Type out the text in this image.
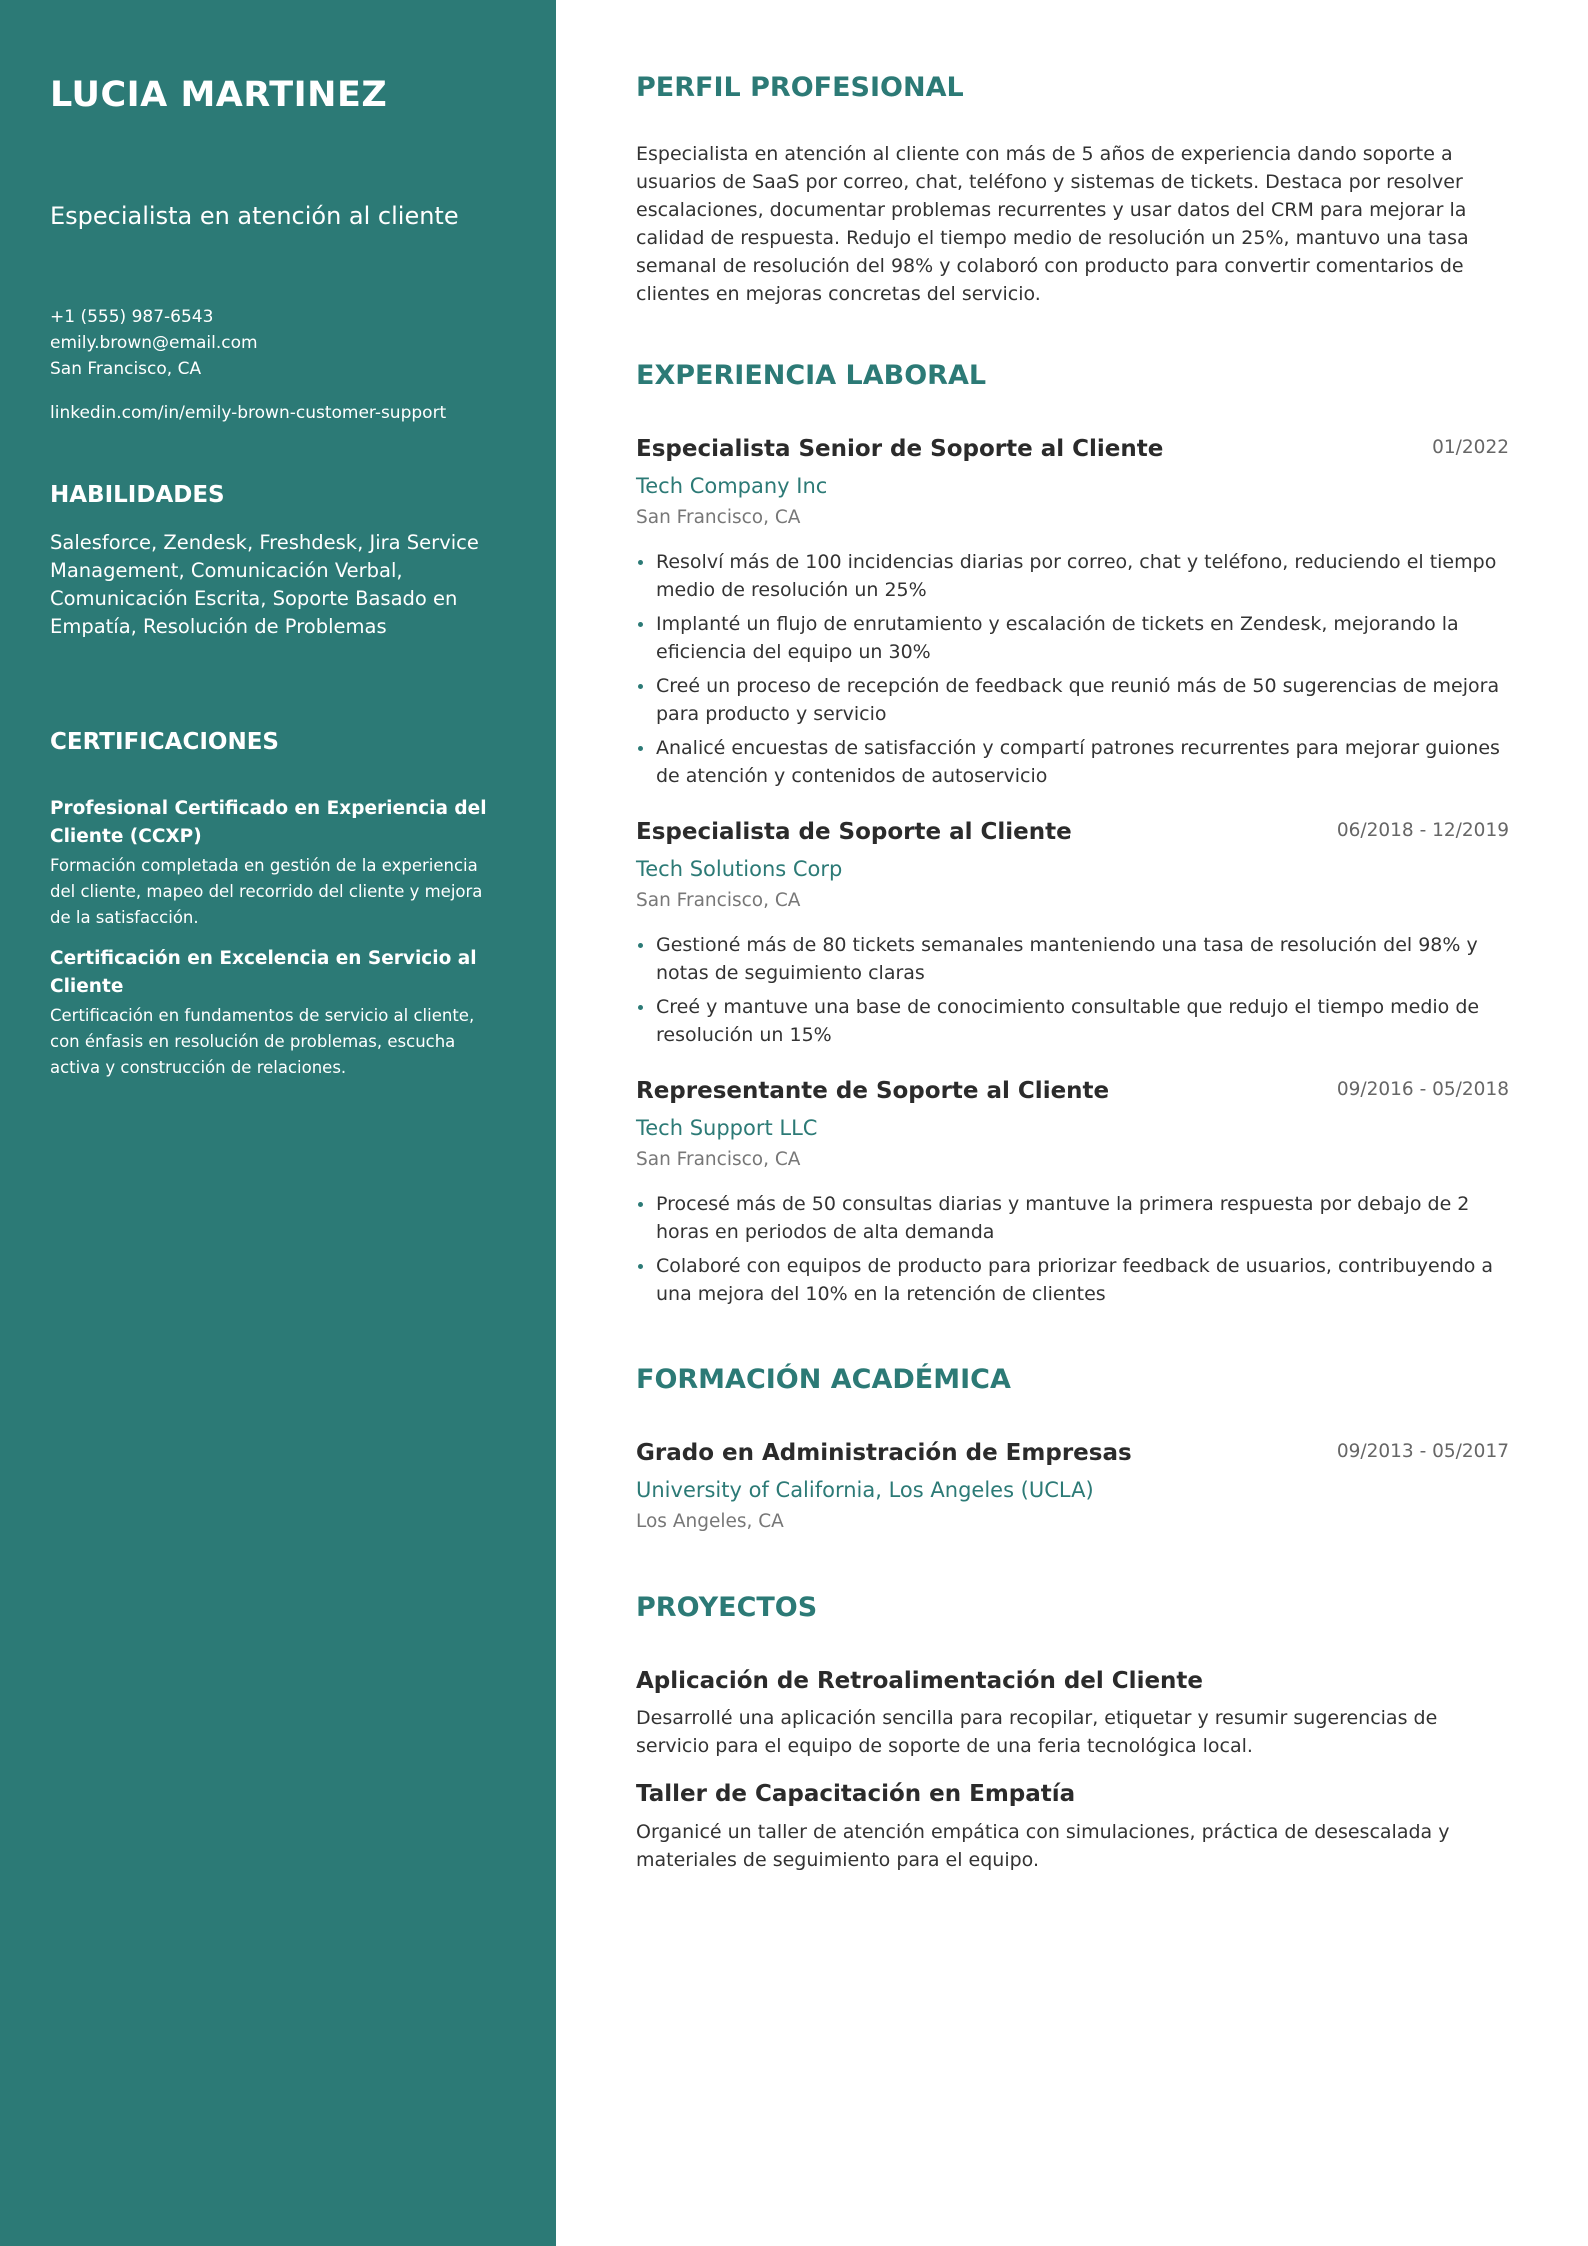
LUCIA MARTINEZ
Especialista en atención al cliente
+1 (555) 987-6543
emily.brown@email.com
San Francisco, CA
linkedin.com/in/emily-brown-customer-support
HABILIDADES
Salesforce, Zendesk, Freshdesk, Jira Service Management, Comunicación Verbal, Comunicación Escrita, Soporte Basado en Empatía, Resolución de Problemas
CERTIFICACIONES
Profesional Certificado en Experiencia del Cliente (CCXP)
Formación completada en gestión de la experiencia del cliente, mapeo del recorrido del cliente y mejora de la satisfacción.
Certificación en Excelencia en Servicio al Cliente
Certificación en fundamentos de servicio al cliente, con énfasis en resolución de problemas, escucha activa y construcción de relaciones.
PERFIL PROFESIONAL

Especialista en atención al cliente con más de 5 años de experiencia dando soporte a usuarios de SaaS por correo, chat, teléfono y sistemas de tickets. Destaca por resolver escalaciones, documentar problemas recurrentes y usar datos del CRM para mejorar la calidad de respuesta. Redujo el tiempo medio de resolución un 25%, mantuvo una tasa semanal de resolución del 98% y colaboró con producto para convertir comentarios de clientes en mejoras concretas del servicio.

EXPERIENCIA LABORAL
Especialista Senior de Soporte al Cliente	01/2022
Tech Company Inc
San Francisco, CA
Resolví más de 100 incidencias diarias por correo, chat y teléfono, reduciendo el tiempo medio de resolución un 25%
Implanté un flujo de enrutamiento y escalación de tickets en Zendesk, mejorando la eficiencia del equipo un 30%
Creé un proceso de recepción de feedback que reunió más de 50 sugerencias de mejora para producto y servicio
Analicé encuestas de satisfacción y compartí patrones recurrentes para mejorar guiones de atención y contenidos de autoservicio
Especialista de Soporte al Cliente	06/2018 - 12/2019
Tech Solutions Corp
San Francisco, CA
Gestioné más de 80 tickets semanales manteniendo una tasa de resolución del 98% y notas de seguimiento claras
Creé y mantuve una base de conocimiento consultable que redujo el tiempo medio de resolución un 15%
Representante de Soporte al Cliente	09/2016 - 05/2018
Tech Support LLC
San Francisco, CA
Procesé más de 50 consultas diarias y mantuve la primera respuesta por debajo de 2 horas en periodos de alta demanda
Colaboré con equipos de producto para priorizar feedback de usuarios, contribuyendo a una mejora del 10% en la retención de clientes
FORMACIÓN ACADÉMICA
Grado en Administración de Empresas	09/2013 - 05/2017
University of California, Los Angeles (UCLA)
Los Angeles, CA
PROYECTOS
Aplicación de Retroalimentación del Cliente
Desarrollé una aplicación sencilla para recopilar, etiquetar y resumir sugerencias de servicio para el equipo de soporte de una feria tecnológica local.
Taller de Capacitación en Empatía
Organicé un taller de atención empática con simulaciones, práctica de desescalada y materiales de seguimiento para el equipo.
